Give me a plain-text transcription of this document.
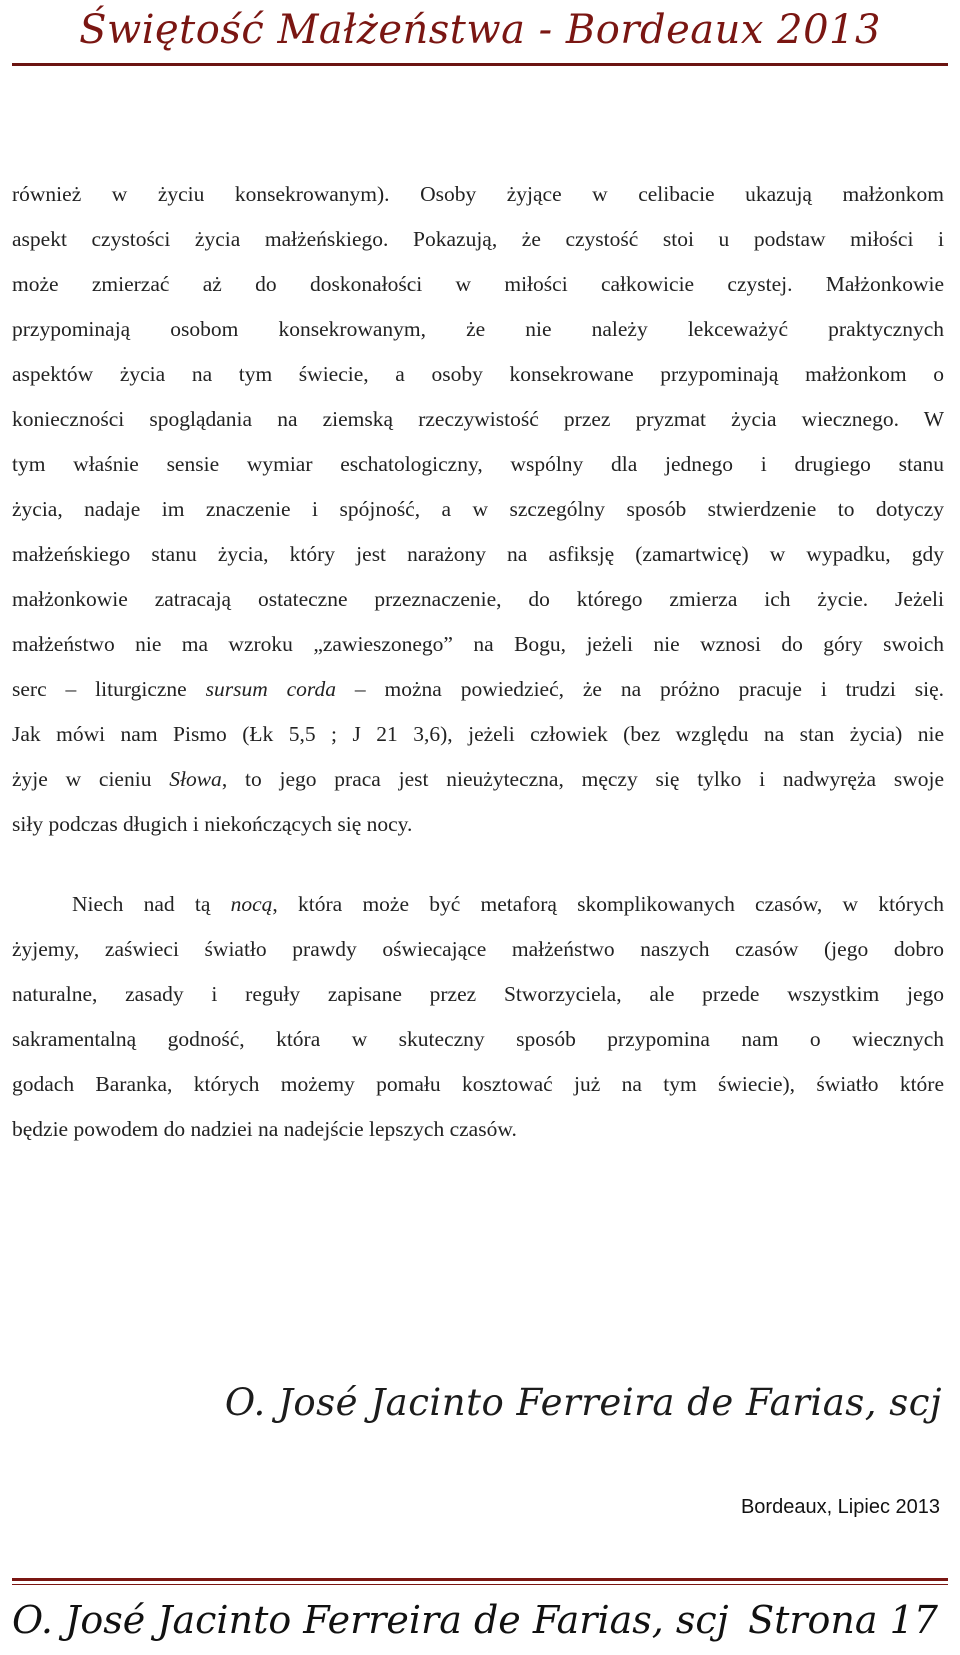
Świętość Małżeństwa - Bordeaux 2013
również w życiu konsekrowanym). Osoby żyjące w celibacie ukazują małżonkom
aspekt czystości życia małżeńskiego. Pokazują, że czystość stoi u podstaw miłości i
może zmierzać aż do doskonałości w miłości całkowicie czystej. Małżonkowie
przypominają osobom konsekrowanym, że nie należy lekceważyć praktycznych
aspektów życia na tym świecie, a osoby konsekrowane przypominają małżonkom o
konieczności spoglądania na ziemską rzeczywistość przez pryzmat życia wiecznego. W
tym właśnie sensie wymiar eschatologiczny, wspólny dla jednego i drugiego stanu
życia, nadaje im znaczenie i spójność, a w szczególny sposób stwierdzenie to dotyczy
małżeńskiego stanu życia, który jest narażony na asfiksję (zamartwicę) w wypadku, gdy
małżonkowie zatracają ostateczne przeznaczenie, do którego zmierza ich życie. Jeżeli
małżeństwo nie ma wzroku „zawieszonego” na Bogu, jeżeli nie wznosi do góry swoich
serc – liturgiczne sursum corda – można powiedzieć, że na próżno pracuje i trudzi się.
Jak mówi nam Pismo (Łk 5,5 ; J 21 3,6), jeżeli człowiek (bez względu na stan życia) nie
żyje w cieniu Słowa, to jego praca jest nieużyteczna, męczy się tylko i nadwyręża swoje
siły podczas długich i niekończących się nocy.
Niech nad tą nocą, która może być metaforą skomplikowanych czasów, w których
żyjemy, zaświeci światło prawdy oświecające małżeństwo naszych czasów (jego dobro
naturalne, zasady i reguły zapisane przez Stworzyciela, ale przede wszystkim jego
sakramentalną godność, która w skuteczny sposób przypomina nam o wiecznych
godach Baranka, których możemy pomału kosztować już na tym świecie), światło które
będzie powodem do nadziei na nadejście lepszych czasów.
O. José Jacinto Ferreira de Farias, scj
Bordeaux, Lipiec 2013
O. José Jacinto Ferreira de Farias, scj Strona 17
